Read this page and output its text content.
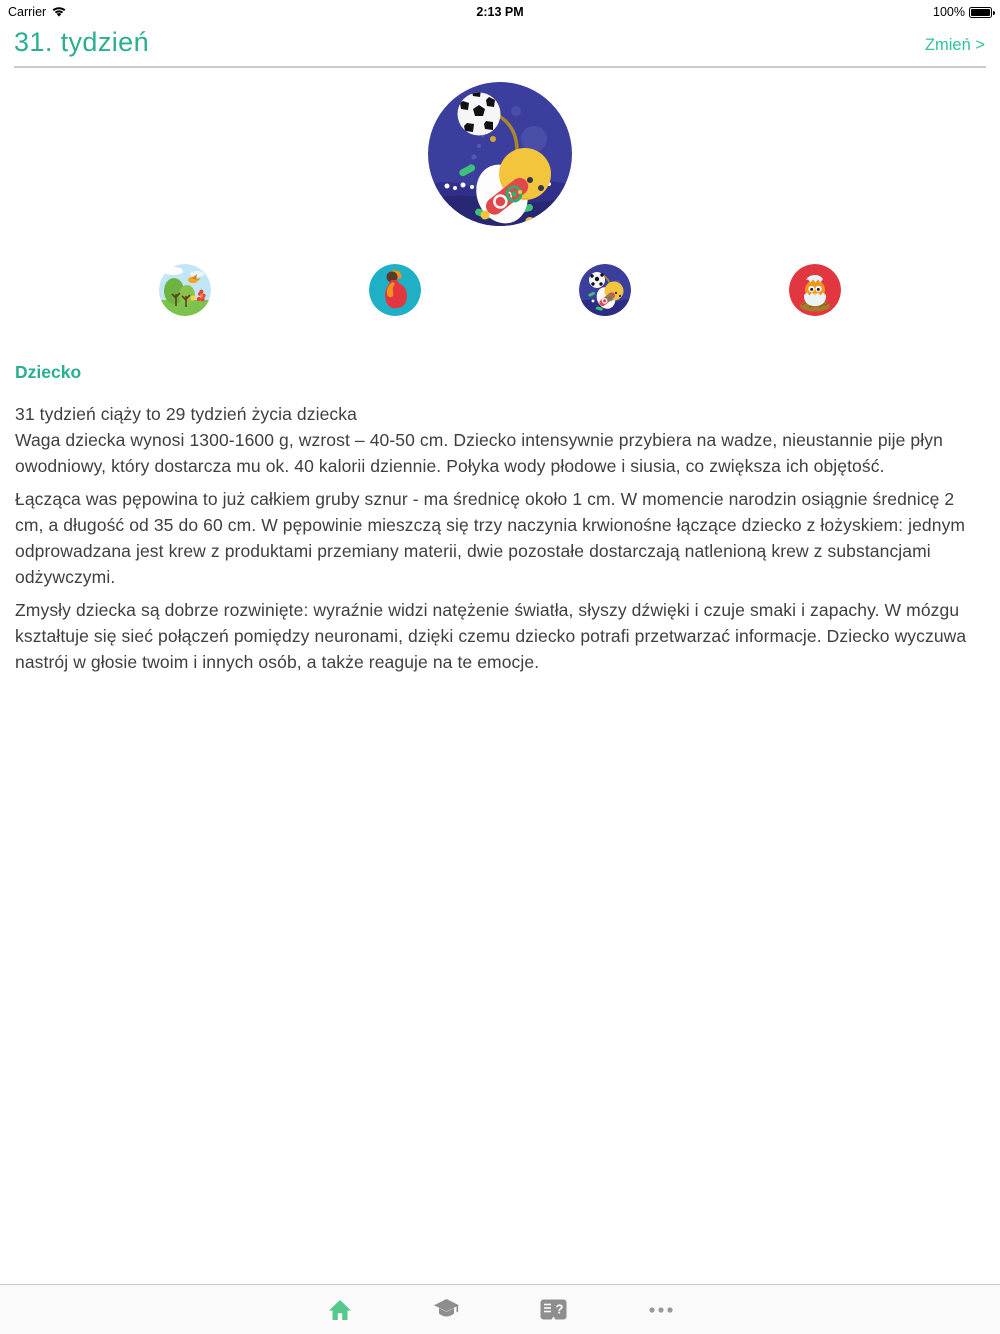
Carrier	2:13 PM	100%
31. tydzień	Zmień >
Dziecko

31 tydzień ciąży to 29 tydzień życia dziecka

Waga dziecka wynosi 1300-1600 g, wzrost – 40-50 cm. Dziecko intensywnie przybiera na wadze, nieustannie pije płyn owodniowy, który dostarcza mu ok. 40 kalorii dziennie. Połyka wody płodowe i siusia, co zwiększa ich objętość.

Łącząca was pępowina to już całkiem gruby sznur - ma średnicę około 1 cm. W momencie narodzin osiągnie średnicę 2 cm, a długość od 35 do 60 cm. W pępowinie mieszczą się trzy naczynia krwionośne łączące dziecko z łożyskiem: jednym odprowadzana jest krew z produktami przemiany materii, dwie pozostałe dostarczają natlenioną krew z substancjami odżywczymi.

Zmysły dziecka są dobrze rozwinięte: wyraźnie widzi natężenie światła, słyszy dźwięki i czuje smaki i zapachy. W mózgu kształtuje się sieć połączeń pomiędzy neuronami, dzięki czemu dziecko potrafi przetwarzać informacje. Dziecko wyczuwa nastrój w głosie twoim i innych osób, a także reaguje na te emocje.

?
